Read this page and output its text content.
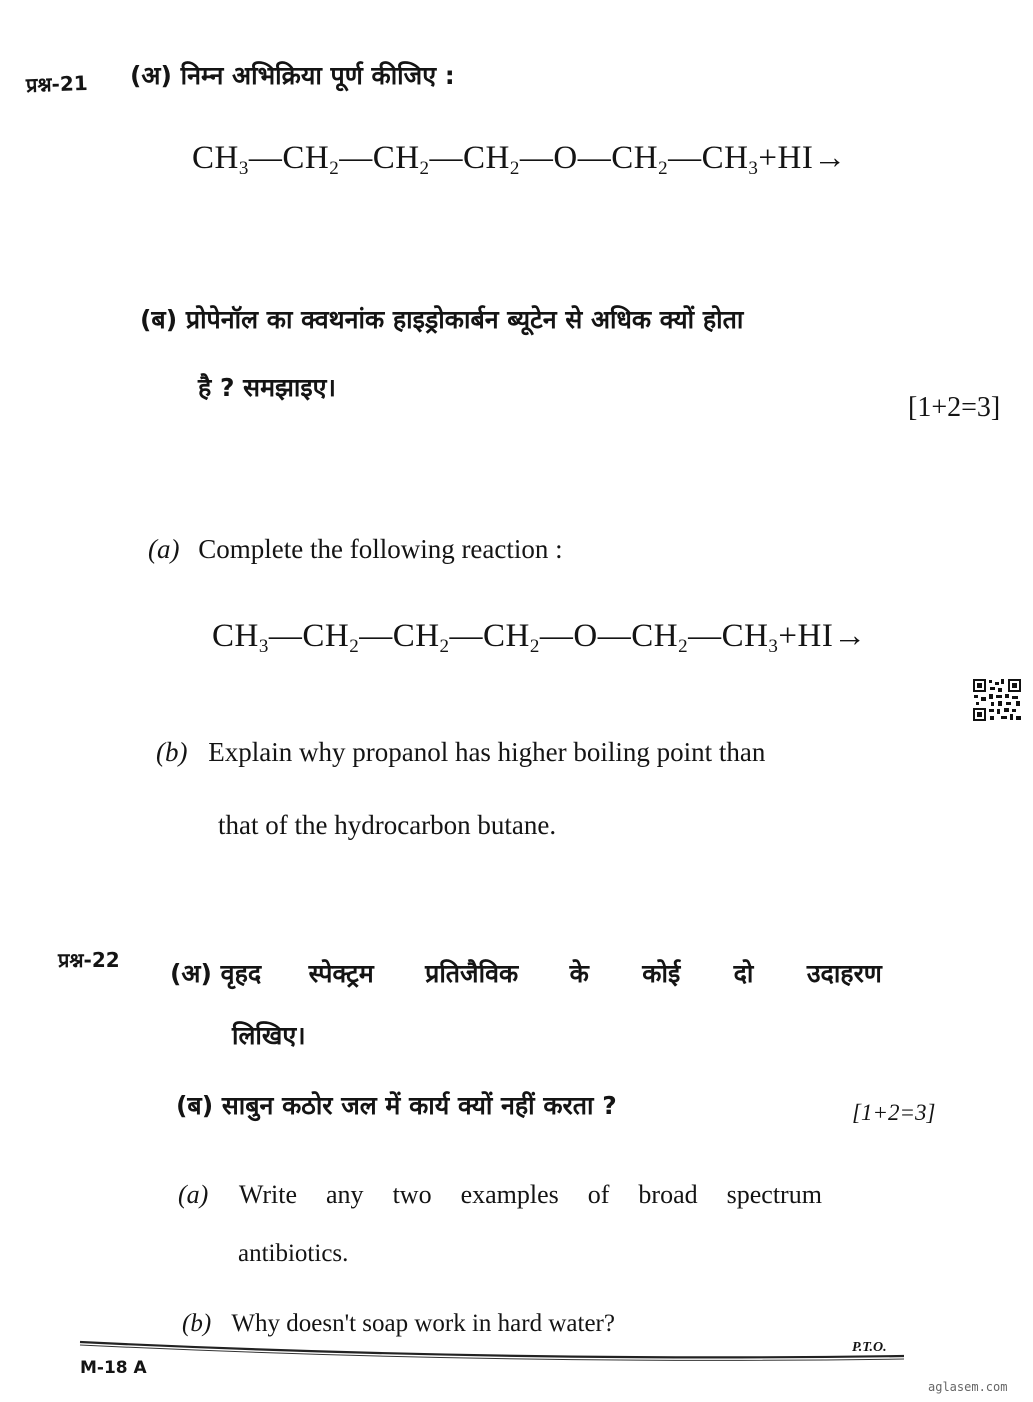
प्रश्न-21 (अ) निम्न अभिक्रिया पूर्ण कीजिए :
$CH_3—CH_2—CH_2—CH_2—O—CH_2—CH_3+HI\to$
(ब) प्रोपेनॉल का क्वथनांक हाइड्रोकार्बन ब्यूटेन से अधिक क्यों होता
है ? समझाइए।
[1+2=3]
(a) Complete the following reaction :
$CH_3—CH_2—CH_2—CH_2—O—CH_2—CH_3+HI\to$
(b) Explain why propanol has higher boiling point than
that of the hydrocarbon butane.
प्रश्न-22 (अ) वृहद स्पेक्ट्रम प्रतिजैविक के कोई दो उदाहरण
लिखिए।
(ब) साबुन कठोर जल में कार्य क्यों नहीं करता ?	[1+2=3]
(a) Write any two examples of broad spectrum
antibiotics.
(b) Why doesn't soap work in hard water?
M-18 A
P.T.O.
aglasem.com
